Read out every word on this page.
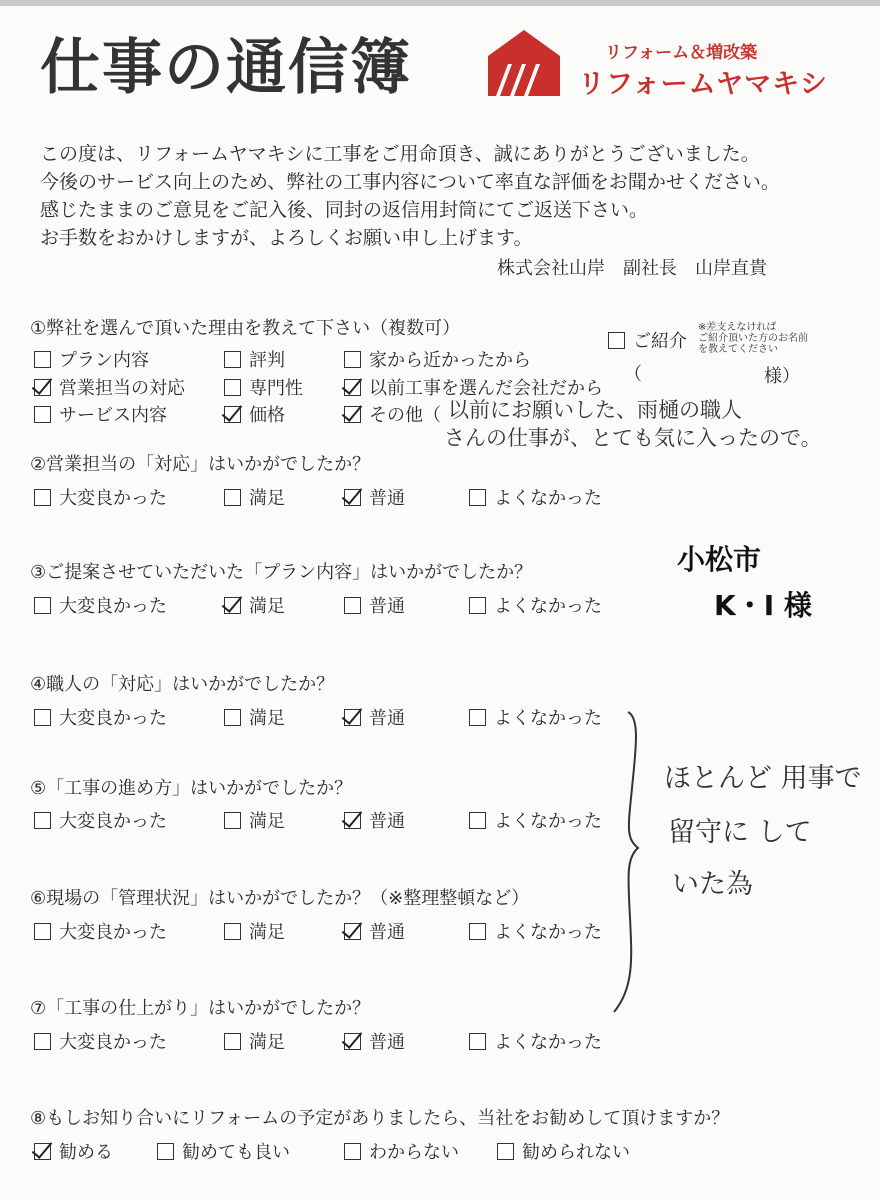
仕事の通信簿	リフォーム＆増改築
リフォームヤマキシ
この度は、リフォームヤマキシに工事をご用命頂き、誠にありがとうございました。
今後のサービス向上のため、弊社の工事内容について率直な評価をお聞かせください。
感じたままのご意見をご記入後、同封の返信用封筒にてご返送下さい。
お手数をおかけしますが、よろしくお願い申し上げます。
株式会社山岸　副社長　山岸直貴
①弊社を選んで頂いた理由を教えて下さい（複数可）
プラン内容	評判	家から近かったから
営業担当の対応	専門性	以前工事を選んだ会社だから
サービス内容	価格	その他（ 以前にお願いした、雨樋の職人
さんの仕事が、とても気に入ったので。
ご紹介
※差支えなければ
ご紹介頂いた方のお名前
を教えてください
（	様）
②営業担当の「対応」はいかがでしたか？
大変良かった	満足	普通	よくなかった
小松市
K・I 様
③ご提案させていただいた「プラン内容」はいかがでしたか？
大変良かった	満足	普通	よくなかった
④職人の「対応」はいかがでしたか？
大変良かった	満足	普通	よくなかった
⑤「工事の進め方」はいかがでしたか？
大変良かった	満足	普通	よくなかった
ほとんど 用事で
留守に して
いた為
⑥現場の「管理状況」はいかがでしたか？（※整理整頓など）
大変良かった	満足	普通	よくなかった
⑦「工事の仕上がり」はいかがでしたか？
大変良かった	満足	普通	よくなかった
⑧もしお知り合いにリフォームの予定がありましたら、当社をお勧めして頂けますか？
勧める	勧めても良い	わからない	勧められない
